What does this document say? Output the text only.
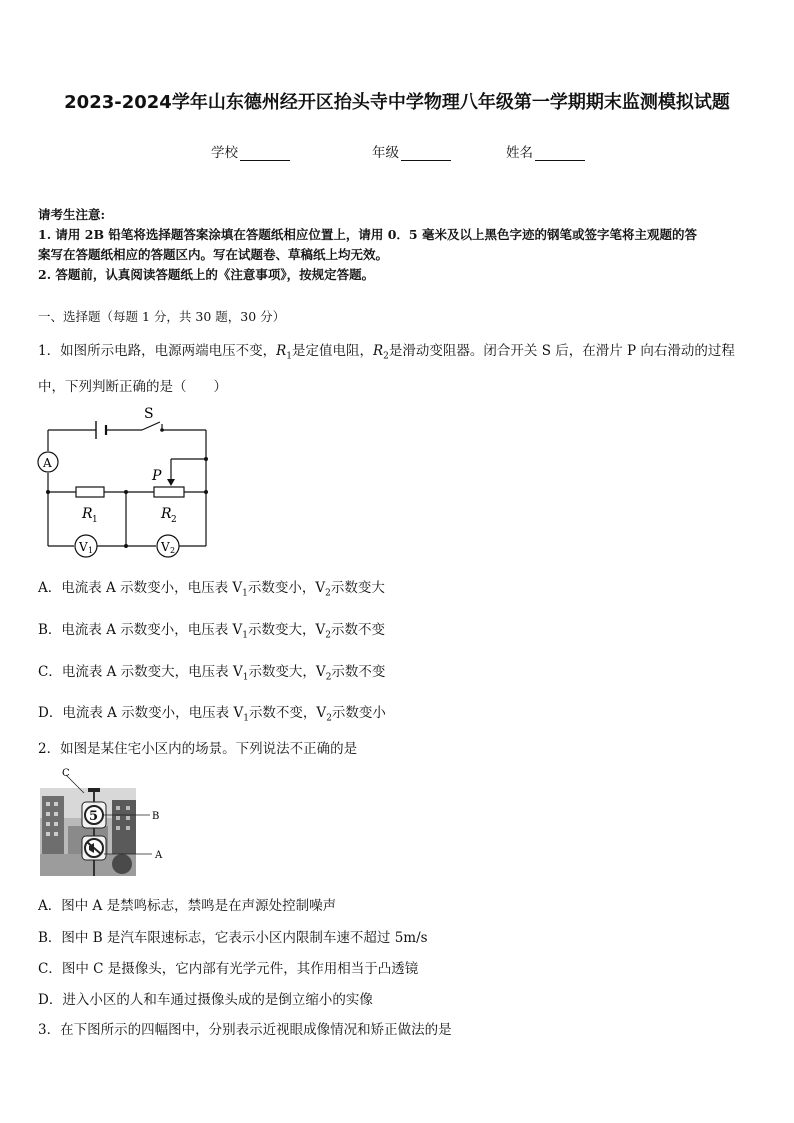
2023-2024学年山东德州经开区抬头寺中学物理八年级第一学期期末监测模拟试题
学校	年级	姓名
请考生注意:
1. 请用 2B 铅笔将选择题答案涂填在答题纸相应位置上，请用 0．5 毫米及以上黑色字迹的钢笔或签字笔将主观题的答
案写在答题纸相应的答题区内。写在试题卷、草稿纸上均无效。
2. 答题前，认真阅读答题纸上的《注意事项》，按规定答题。
一、选择题（每题 1 分，共 30 题，30 分）
1．如图所示电路，电源两端电压不变，$R_1$是定值电阻，$R_2$是滑动变阻器。闭合开关 S 后，在滑片 P 向右滑动的过程
中，下列判断正确的是（　　）
S
P
A
R 1	R 2
V 1	V 2
A．电流表 A 示数变小，电压表 $V_1$示数变小，$V_2$示数变大
B．电流表 A 示数变小，电压表 $V_1$示数变大，$V_2$示数不变
C．电流表 A 示数变大，电压表 $V_1$示数变大，$V_2$示数不变
D．电流表 A 示数变小，电压表 $V_1$示数不变，$V_2$示数变小
2．如图是某住宅小区内的场景。下列说法不正确的是
5
C
B
A
A．图中 A 是禁鸣标志，禁鸣是在声源处控制噪声
B．图中 B 是汽车限速标志，它表示小区内限制车速不超过 5m/s
C．图中 C 是摄像头，它内部有光学元件，其作用相当于凸透镜
D．进入小区的人和车通过摄像头成的是倒立缩小的实像
3．在下图所示的四幅图中，分别表示近视眼成像情况和矫正做法的是
